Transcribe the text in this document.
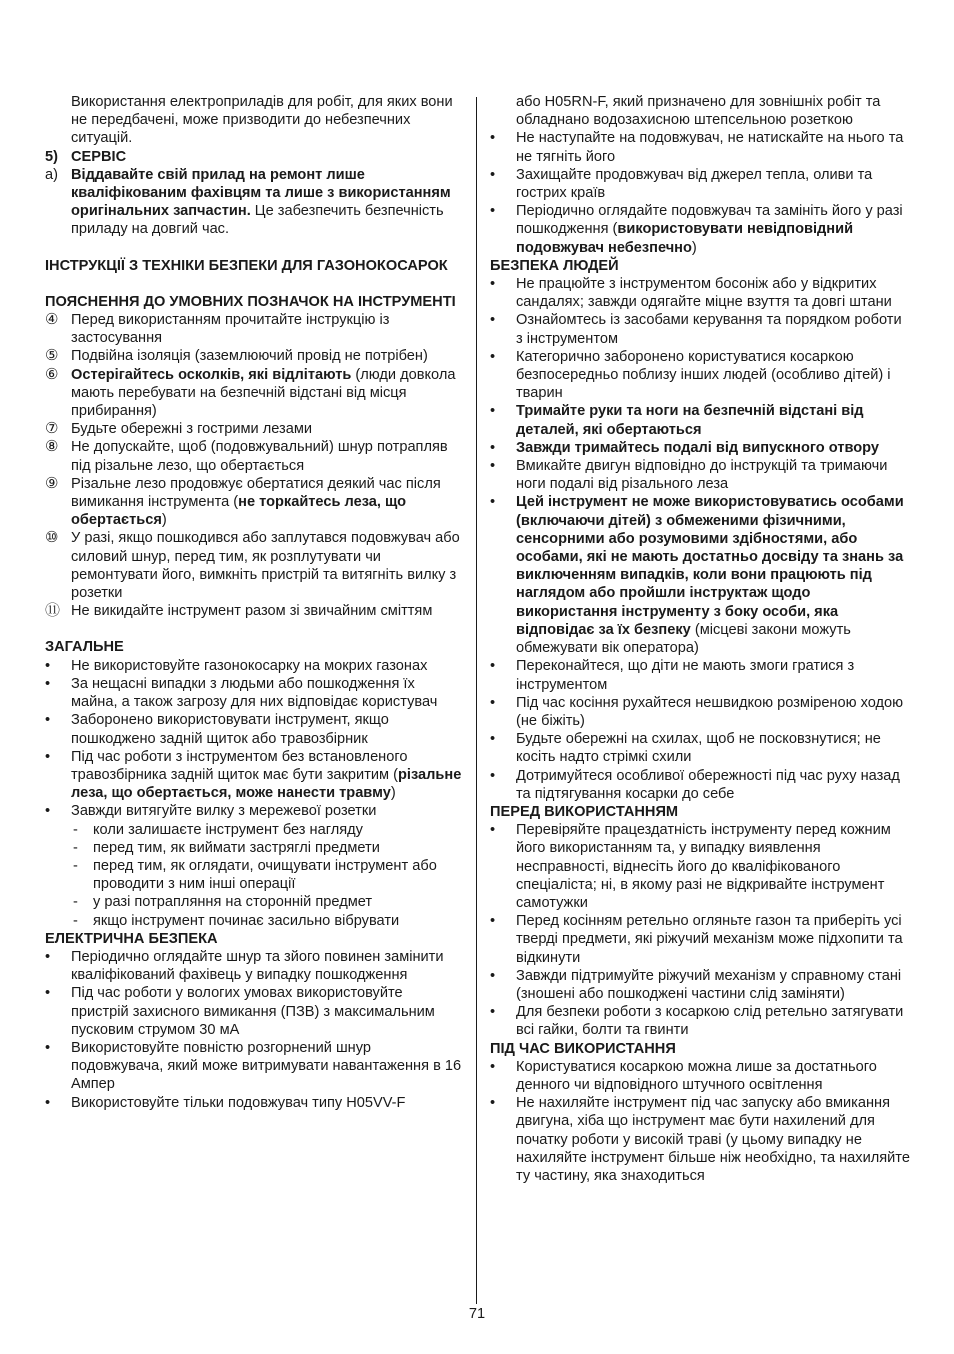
Використання електроприладів для робіт, для яких вони не передбачені, може призводити до небезпечних ситуацій.
5) СЕРВІС
a) Віддавайте свій прилад на ремонт лише кваліфікованим фахівцям та лише з використанням оригінальних запчастин. Це забезпечить безпечність приладу на довгий час.
ІНСТРУКЦІЇ З ТЕХНІКИ БЕЗПЕКИ ДЛЯ ГАЗОНОКОСАРОК
ПОЯСНЕННЯ ДО УМОВНИХ ПОЗНАЧОК НА ІНСТРУМЕНТІ
④ Перед використанням прочитайте інструкцію із застосування
⑤ Подвійна ізоляція (заземлюючий провід не потрібен)
⑥ Остерігайтесь осколків, які відлітають (люди довкола мають перебувати на безпечній відстані від місця прибирання)
⑦ Будьте обережні з гострими лезами
⑧ Не допускайте, щоб (подовжувальний) шнур потрапляв під різальне лезо, що обертається
⑨ Різальне лезо продовжує обертатися деякий час після вимикання інструмента (не торкайтесь леза, що обертається)
⑩ У разі, якщо пошкодився або заплутався подовжувач або силовий шнур, перед тим, як розплутувати чи ремонтувати його, вимкніть пристрій та витягніть вилку з розетки
⑪ Не викидайте інструмент разом зі звичайним сміттям
ЗАГАЛЬНЕ
• Не використовуйте газонокосарку на мокрих газонах
• За нещасні випадки з людьми або пошкодження їх майна, а також загрозу для них відповідає користувач
• Заборонено використовувати інструмент, якщо пошкоджено задній щиток або травозбірник
• Під час роботи з інструментом без встановленого травозбірника задній щиток має бути закритим (різальне леза, що обертається, може нанести травму)
• Завжди витягуйте вилку з мережевої розетки
- коли залишаєте інструмент без нагляду
- перед тим, як виймати застряглі предмети
- перед тим, як оглядати, очищувати інструмент або проводити з ним інші операції
- у разі потрапляння на сторонній предмет
- якщо інструмент починає засильно вібрувати
ЕЛЕКТРИЧНА БЕЗПЕКА
• Періодично оглядайте шнур та зйого повинен замінити кваліфікований фахівець у випадку пошкодження
• Під час роботи у вологих умовах використовуйте пристрій захисного вимикання (ПЗВ) з максимальним пусковим струмом 30 мА
• Використовуйте повністю розгорнений шнур подовжувача, який може витримувати навантаження в 16 Ампер
• Використовуйте тільки подовжувач типу H05VV-F
або H05RN-F, який призначено для зовнішніх робіт та обладнано водозахисною штепсельною розеткою
• Не наступайте на подовжувач, не натискайте на нього та не тягніть його
• Захищайте продовжувач від джерел тепла, оливи та гострих країв
• Періодично оглядайте подовжувач та замініть його у разі пошкодження (використовувати невідповідний подовжувач небезпечно)
БЕЗПЕКА ЛЮДЕЙ
• Не працюйте з інструментом босоніж або у відкритих сандалях; завжди одягайте міцне взуття та довгі штани
• Ознайомтесь із засобами керування та порядком роботи з інструментом
• Категорично заборонено користуватися косаркою безпосередньо поблизу інших людей (особливо дітей) і тварин
• Тримайте руки та ноги на безпечній відстані від деталей, які обертаються
• Завжди тримайтесь подалі від випускного отвору
• Вмикайте двигун відповідно до інструкцій та тримаючи ноги подалі від різального леза
• Цей інструмент не може використовуватись особами (включаючи дітей) з обмеженими фізичними, сенсорними або розумовими здібностями, або особами, які не мають достатньо досвіду та знань за виключенням випадків, коли вони працюють під наглядом або пройшли інструктаж щодо використання інструменту з боку особи, яка відповідає за їх безпеку (місцеві закони можуть обмежувати вік оператора)
• Переконайтеся, що діти не мають змоги гратися з інструментом
• Під час косіння рухайтеся нешвидкою розміреною ходою (не біжіть)
• Будьте обережні на схилах, щоб не посковзнутися; не косіть надто стрімкі схили
• Дотримуйтеся особливої обережності під час руху назад та підтягування косарки до себе
ПЕРЕД ВИКОРИСТАННЯМ
• Перевіряйте працездатність інструменту перед кожним його використанням та, у випадку виявлення несправності, віднесіть його до кваліфікованого спеціаліста; ні, в якому разі не відкривайте інструмент самотужки
• Перед косінням ретельно огляньте газон та приберіть усі тверді предмети, які ріжучий механізм може підхопити та відкинути
• Завжди підтримуйте ріжучий механізм у справному стані (зношені або пошкоджені частини слід заміняти)
• Для безпеки роботи з косаркою слід ретельно затягувати всі гайки, болти та гвинти
ПІД ЧАС ВИКОРИСТАННЯ
• Користуватися косаркою можна лише за достатнього денного чи відповідного штучного освітлення
• Не нахиляйте інструмент під час запуску або вмикання двигуна, хіба що інструмент має бути нахилений для початку роботи у високій траві (у цьому випадку не нахиляйте інструмент більше ніж необхідно, та нахиляйте ту частину, яка знаходиться
71
